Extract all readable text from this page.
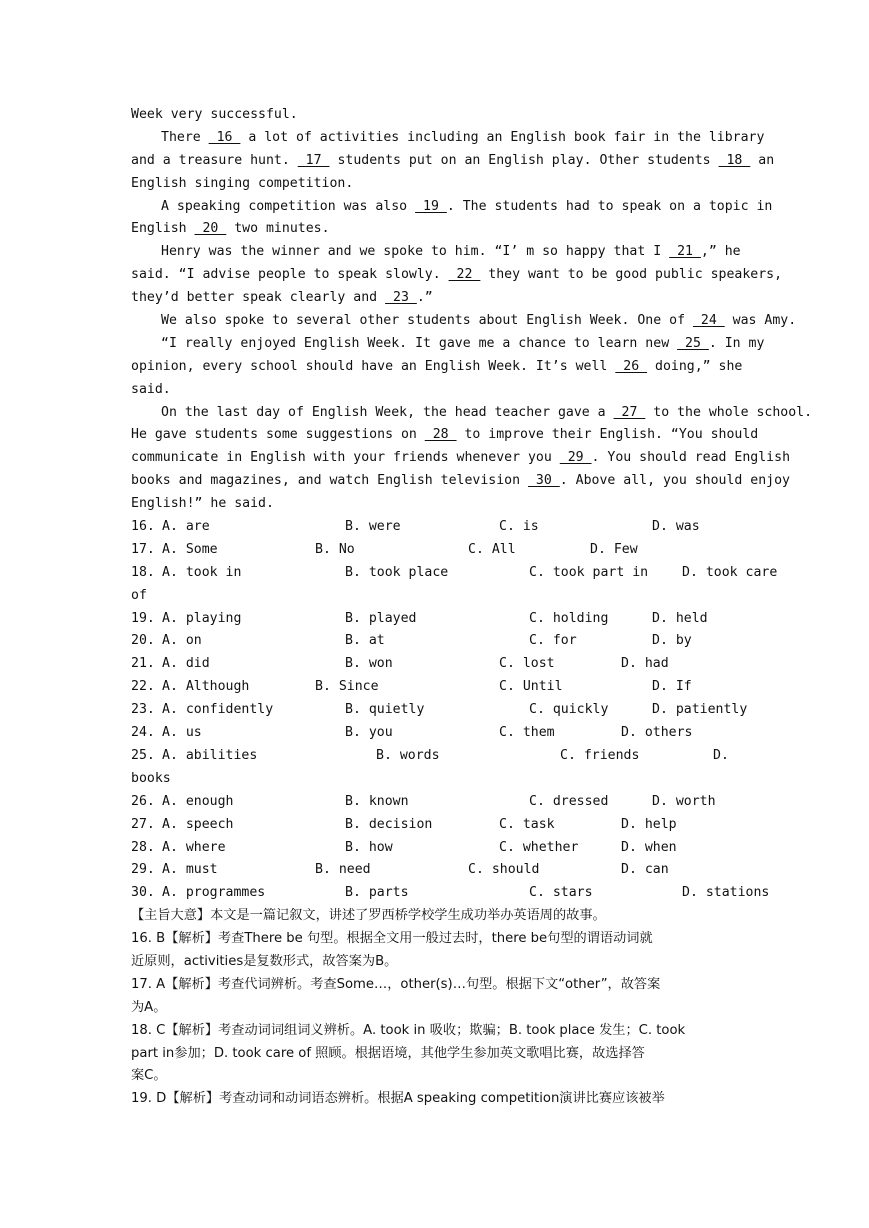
Week very successful.
There  16  a lot of activities including an English book fair in the library
and a treasure hunt.  17  students put on an English play. Other students  18  an
English singing competition.
A speaking competition was also  19 . The students had to speak on a topic in
English  20  two minutes.
Henry was the winner and we spoke to him. “I’ m so happy that I  21 ,” he
said. “I advise people to speak slowly.  22  they want to be good public speakers,
they’d better speak clearly and  23 .”
We also spoke to several other students about English Week. One of  24  was Amy.
“I really enjoyed English Week. It gave me a chance to learn new  25 . In my
opinion, every school should have an English Week. It’s well  26  doing,” she
said.
On the last day of English Week, the head teacher gave a  27  to the whole school.
He gave students some suggestions on  28  to improve their English. “You should
communicate in English with your friends whenever you  29 . You should read English
books and magazines, and watch English television  30 . Above all, you should enjoy
English!” he said.
16. A. are	B. were	C. is	D. was
17. A. Some	B. No	C. All	D. Few
18. A. took in	B. took place	C. took part in	D. took care
of
19. A. playing	B. played	C. holding	D. held
20. A. on	B. at	C. for	D. by
21. A. did	B. won	C. lost	D. had
22. A. Although	B. Since	C. Until	D. If
23. A. confidently	B. quietly	C. quickly	D. patiently
24. A. us	B. you	C. them	D. others
25. A. abilities	B. words	C. friends	D.
books
26. A. enough	B. known	C. dressed	D. worth
27. A. speech	B. decision	C. task	D. help
28. A. where	B. how	C. whether	D. when
29. A. must	B. need	C. should	D. can
30. A. programmes	B. parts	C. stars	D. stations
【主旨大意】本文是一篇记叙文，讲述了罗西桥学校学生成功举办英语周的故事。
16. B【解析】考查There be 句型。根据全文用一般过去时，there be句型的谓语动词就
近原则，activities是复数形式，故答案为B。
17. A【解析】考查代词辨析。考查Some…，other(s)…句型。根据下文“other”，故答案
为A。
18. C【解析】考查动词词组词义辨析。A. took in 吸收；欺骗；B. took place 发生；C. took
part in参加；D. took care of 照顾。根据语境，其他学生参加英文歌唱比赛，故选择答
案C。
19. D【解析】考查动词和动词语态辨析。根据A speaking competition演讲比赛应该被举
